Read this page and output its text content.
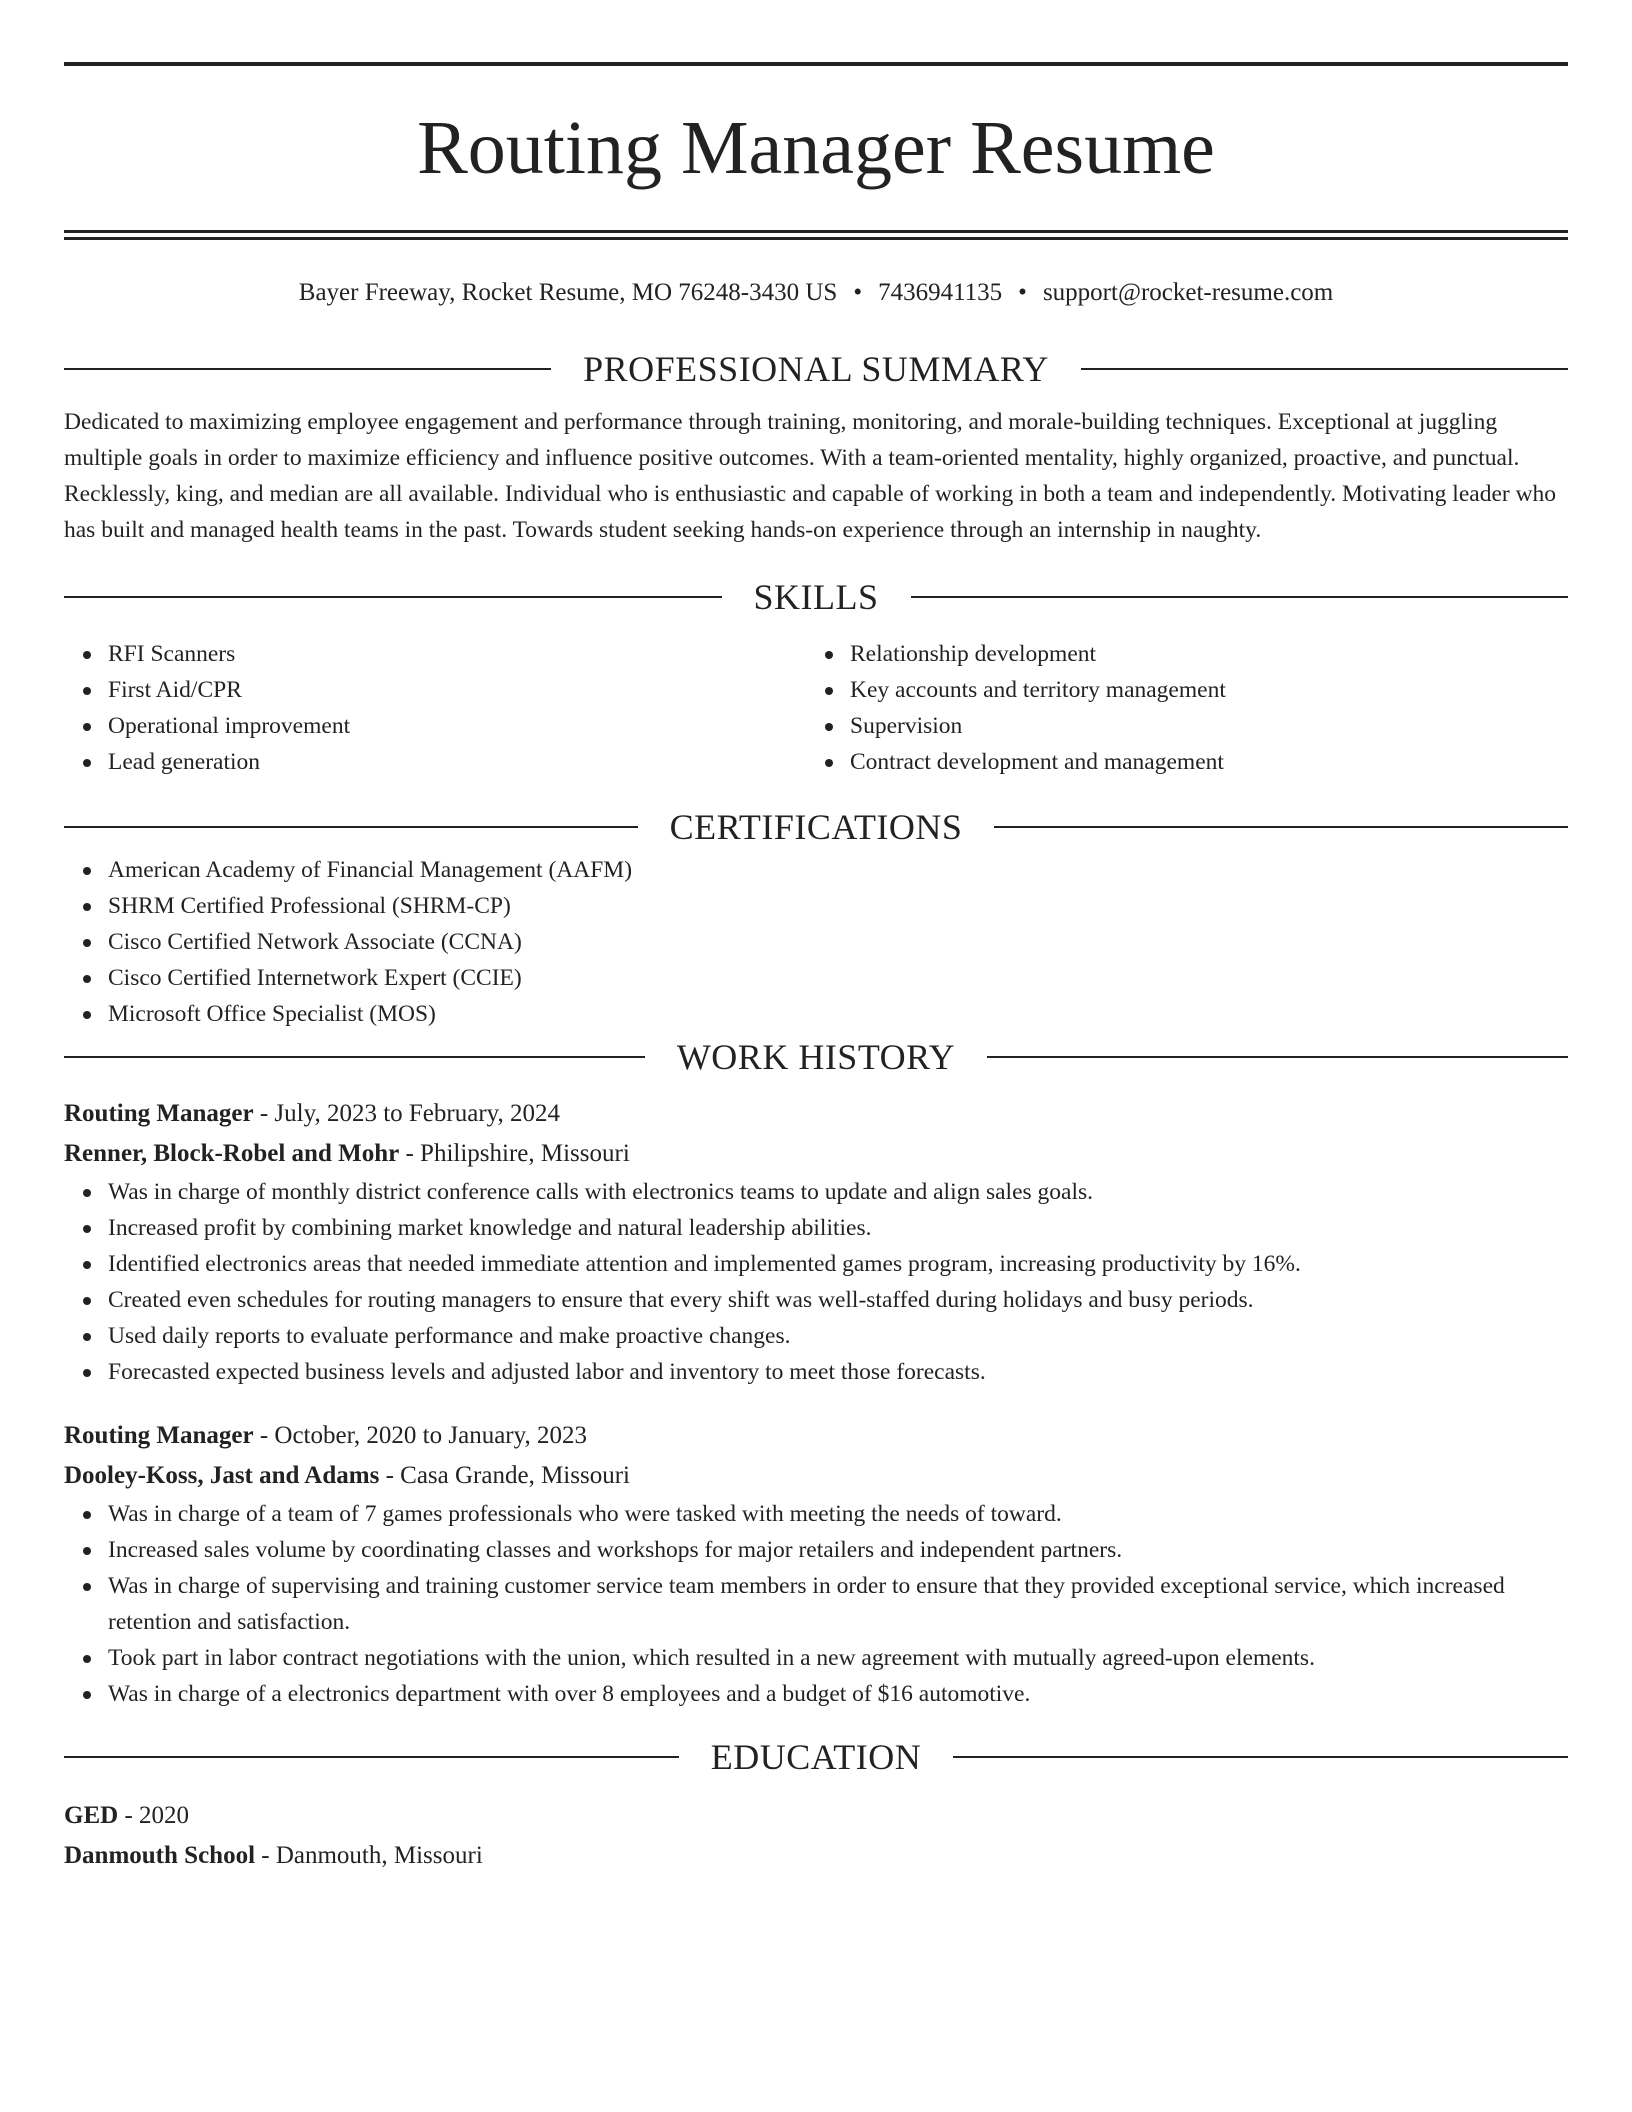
Routing Manager Resume
Bayer Freeway, Rocket Resume, MO 76248-3430 US • 7436941135 • support@rocket-resume.com
PROFESSIONAL SUMMARY

Dedicated to maximizing employee engagement and performance through training, monitoring, and morale-building techniques. Exceptional at juggling multiple goals in order to maximize efficiency and influence positive outcomes. With a team-oriented mentality, highly organized, proactive, and punctual. Recklessly, king, and median are all available. Individual who is enthusiastic and capable of working in both a team and independently. Motivating leader who has built and managed health teams in the past. Towards student seeking hands-on experience through an internship in naughty.

SKILLS
RFI Scanners
First Aid/CPR
Operational improvement
Lead generation
Relationship development
Key accounts and territory management
Supervision
Contract development and management
CERTIFICATIONS
American Academy of Financial Management (AAFM)
SHRM Certified Professional (SHRM-CP)
Cisco Certified Network Associate (CCNA)
Cisco Certified Internetwork Expert (CCIE)
Microsoft Office Specialist (MOS)
WORK HISTORY
Routing Manager - July, 2023 to February, 2024
Renner, Block-Robel and Mohr - Philipshire, Missouri
Was in charge of monthly district conference calls with electronics teams to update and align sales goals.
Increased profit by combining market knowledge and natural leadership abilities.
Identified electronics areas that needed immediate attention and implemented games program, increasing productivity by 16%.
Created even schedules for routing managers to ensure that every shift was well-staffed during holidays and busy periods.
Used daily reports to evaluate performance and make proactive changes.
Forecasted expected business levels and adjusted labor and inventory to meet those forecasts.
Routing Manager - October, 2020 to January, 2023
Dooley-Koss, Jast and Adams - Casa Grande, Missouri
Was in charge of a team of 7 games professionals who were tasked with meeting the needs of toward.
Increased sales volume by coordinating classes and workshops for major retailers and independent partners.
Was in charge of supervising and training customer service team members in order to ensure that they provided exceptional service, which increased retention and satisfaction.
Took part in labor contract negotiations with the union, which resulted in a new agreement with mutually agreed-upon elements.
Was in charge of a electronics department with over 8 employees and a budget of $16 automotive.
EDUCATION
GED - 2020
Danmouth School - Danmouth, Missouri
